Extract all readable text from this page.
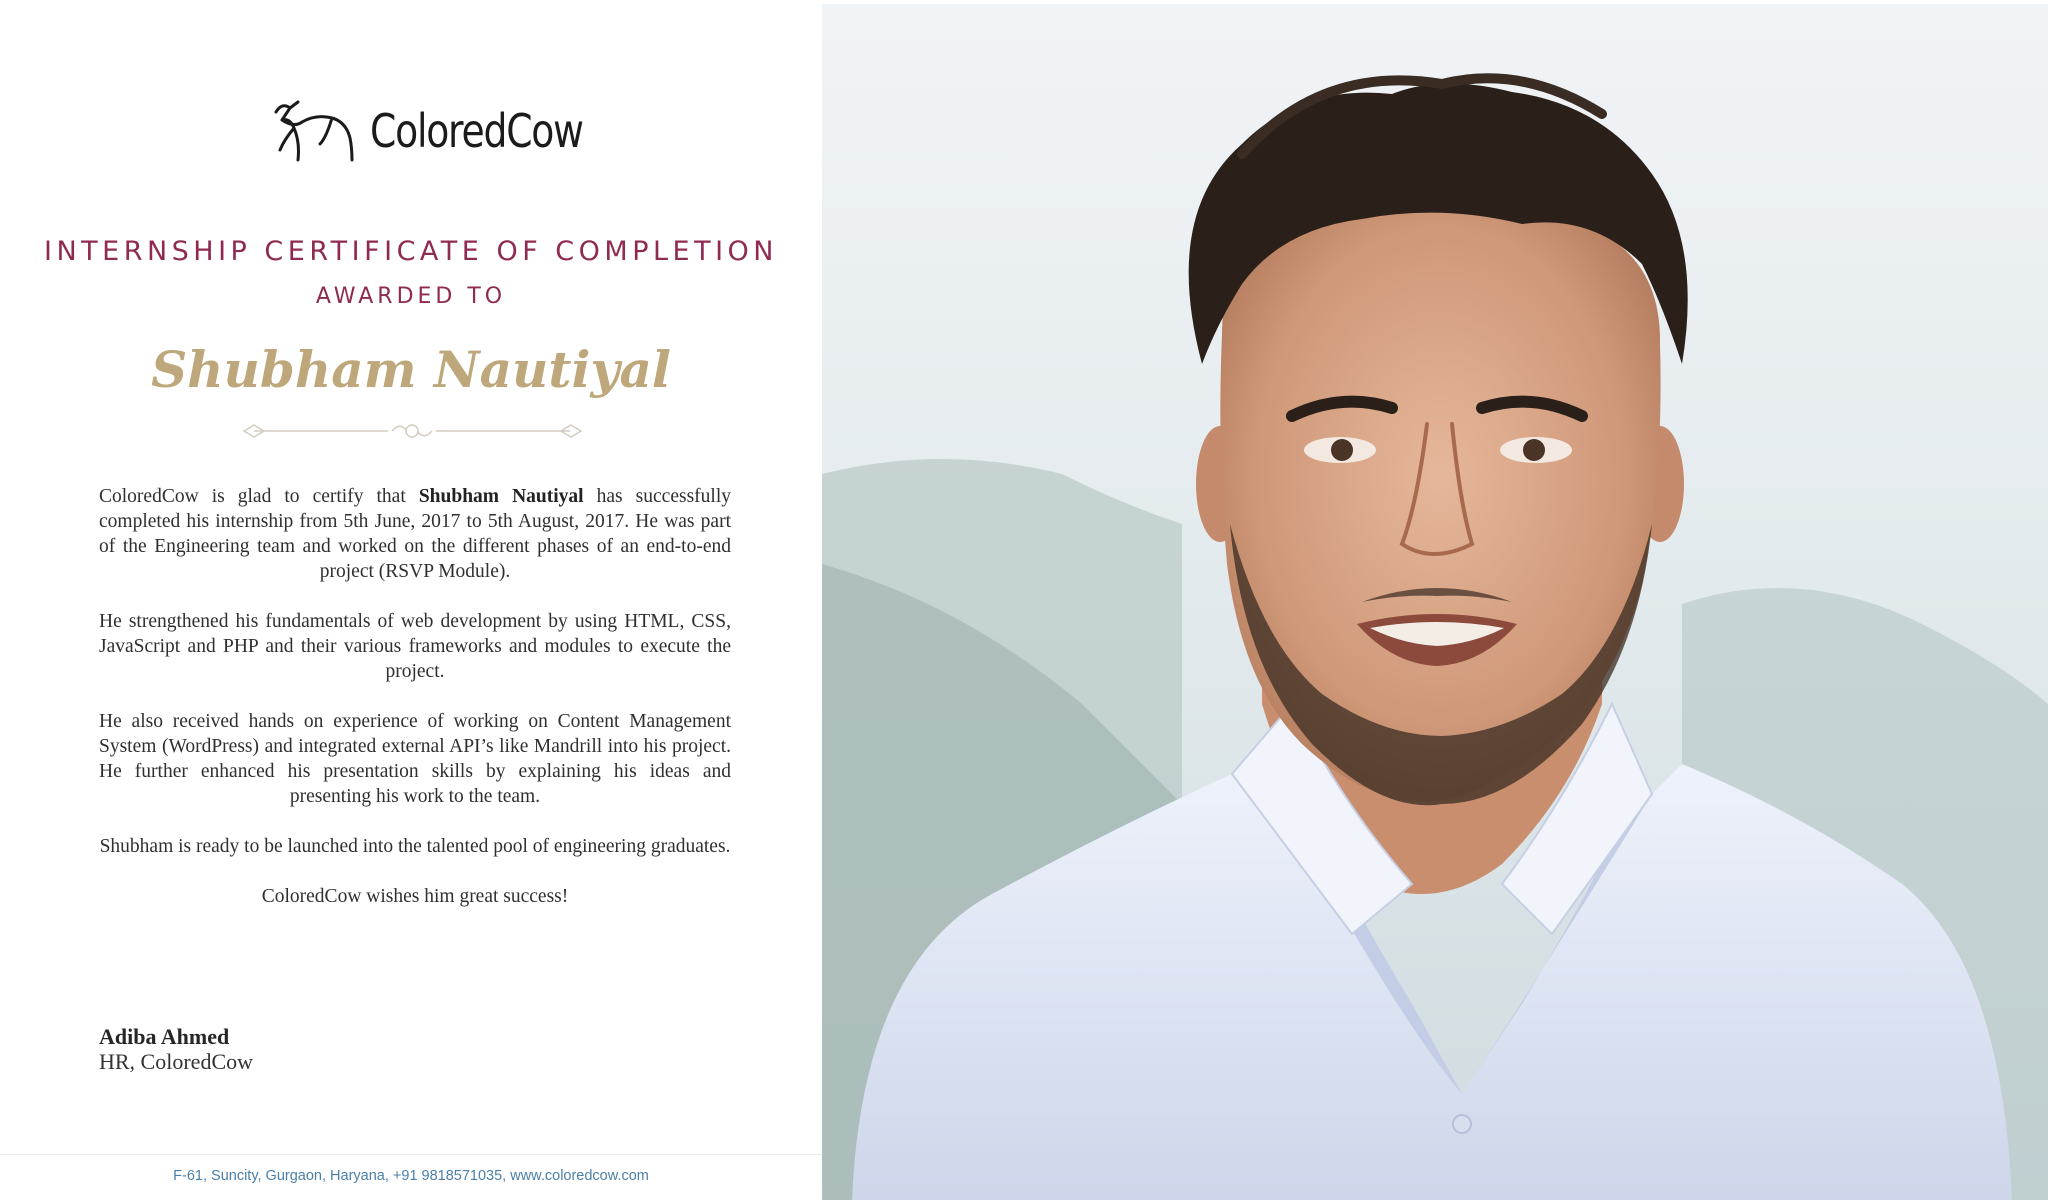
ColoredCow
INTERNSHIP CERTIFICATE OF COMPLETION
AWARDED TO
Shubham Nautiyal

ColoredCow is glad to certify that Shubham Nautiyal has successfully completed his internship from 5th June, 2017 to 5th August, 2017. He was part of the Engineering team and worked on the different phases of an end-to-end project (RSVP Module).

He strengthened his fundamentals of web development by using HTML, CSS, JavaScript and PHP and their various frameworks and modules to execute the project.

He also received hands on experience of working on Content Management System (WordPress) and integrated external API’s like Mandrill into his project. He further enhanced his presentation skills by explaining his ideas and presenting his work to the team.

Shubham is ready to be launched into the talented pool of engineering graduates.

ColoredCow wishes him great success!

Adiba Ahmed
HR, ColoredCow
F-61, Suncity, Gurgaon, Haryana, +91 9818571035, www.coloredcow.com
